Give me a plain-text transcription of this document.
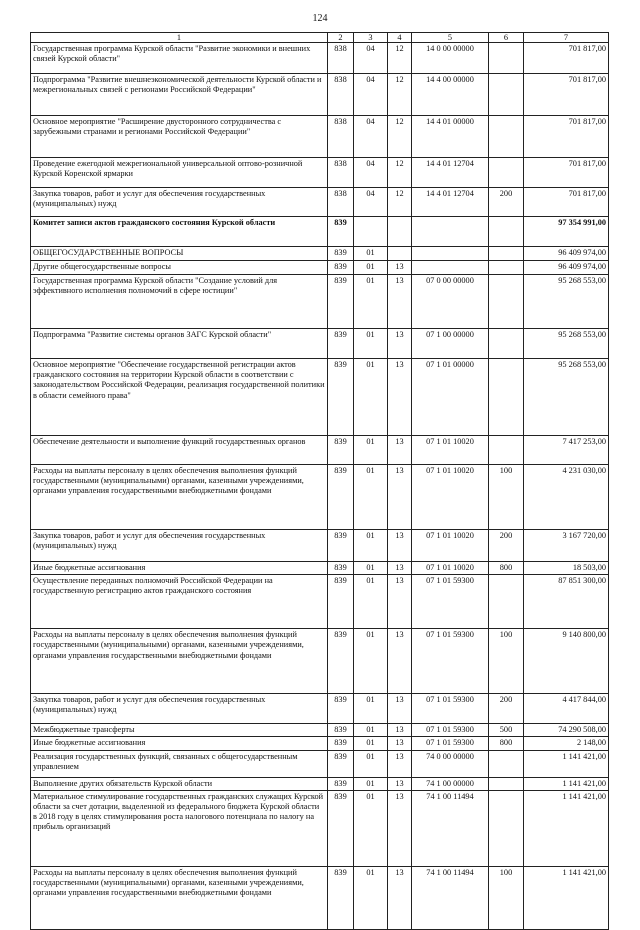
124
1	2	3	4	5	6	7
Государственная программа Курской области "Развитие экономики и внешних связей Курской области"	838	04	12	14 0 00 00000		701 817,00
Подпрограмма "Развитие внешнеэкономической деятельности Курской области и межрегиональных связей с регионами Российской Федерации"	838	04	12	14 4 00 00000		701 817,00
Основное мероприятие "Расширение двусторонного сотрудничества с зарубежными странами и регионами Российской Федерации"	838	04	12	14 4 01 00000		701 817,00
Проведение ежегодной межрегиональной универсальной оптово-розничной Курской Коренской ярмарки	838	04	12	14 4 01 12704		701 817,00
Закупка товаров, работ и услуг для обеспечения государственных (муниципальных) нужд	838	04	12	14 4 01 12704	200	701 817,00
Комитет записи актов гражданского состояния Курской области	839					97 354 991,00
ОБЩЕГОСУДАРСТВЕННЫЕ ВОПРОСЫ	839	01				96 409 974,00
Другие общегосударственные вопросы	839	01	13			96 409 974,00
Государственная программа Курской области "Создание условий для эффективного исполнения полномочий в сфере юстиции"	839	01	13	07 0 00 00000		95 268 553,00
Подпрограмма "Развитие системы органов ЗАГС Курской области"	839	01	13	07 1 00 00000		95 268 553,00
Основное мероприятие "Обеспечение государственной регистрации актов гражданского состояния на территории Курской области в соответствии с законодательством Российской Федерации, реализация государственной политики в области семейного права"	839	01	13	07 1 01 00000		95 268 553,00
Обеспечение деятельности и выполнение функций государственных органов	839	01	13	07 1 01 10020		7 417 253,00
Расходы на выплаты персоналу в целях обеспечения выполнения функций государственными (муниципальными) органами, казенными учреждениями, органами управления государственными внебюджетными фондами	839	01	13	07 1 01 10020	100	4 231 030,00
Закупка товаров, работ и услуг для обеспечения государственных (муниципальных) нужд	839	01	13	07 1 01 10020	200	3 167 720,00
Иные бюджетные ассигнования	839	01	13	07 1 01 10020	800	18 503,00
Осуществление переданных полномочий Российской Федерации на государственную регистрацию актов гражданского состояния	839	01	13	07 1 01 59300		87 851 300,00
Расходы на выплаты персоналу в целях обеспечения выполнения функций государственными (муниципальными) органами, казенными учреждениями, органами управления государственными внебюджетными фондами	839	01	13	07 1 01 59300	100	9 140 800,00
Закупка товаров, работ и услуг для обеспечения государственных (муниципальных) нужд	839	01	13	07 1 01 59300	200	4 417 844,00
Межбюджетные трансферты	839	01	13	07 1 01 59300	500	74 290 508,00
Иные бюджетные ассигнования	839	01	13	07 1 01 59300	800	2 148,00
Реализация государственных функций, связанных с общегосударственным управлением	839	01	13	74 0 00 00000		1 141 421,00
Выполнение других обязательств Курской области	839	01	13	74 1 00 00000		1 141 421,00
Материальное стимулирование государственных гражданских служащих Курской области за счет дотации, выделенной из федерального бюджета Курской области в 2018 году в целях стимулирования роста налогового потенциала по налогу на прибыль организаций	839	01	13	74 1 00 11494		1 141 421,00
Расходы на выплаты персоналу в целях обеспечения выполнения функций государственными (муниципальными) органами, казенными учреждениями, органами управления государственными внебюджетными фондами	839	01	13	74 1 00 11494	100	1 141 421,00
